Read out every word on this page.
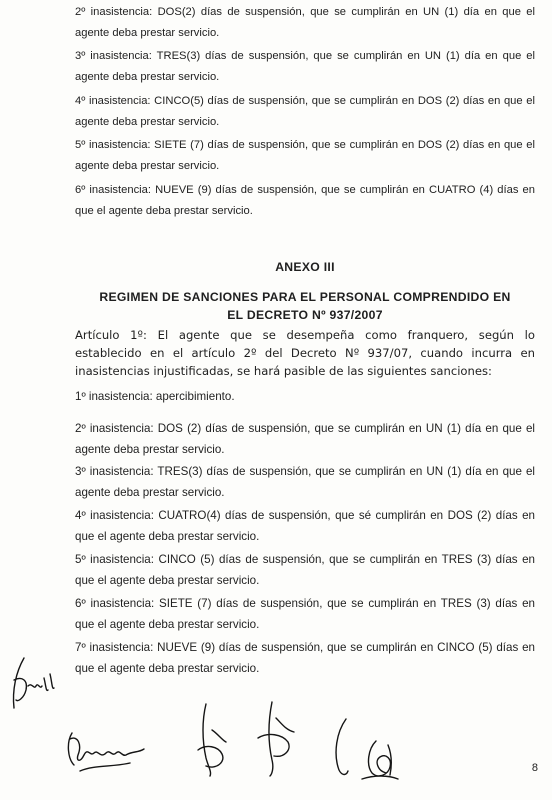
2º inasistencia: DOS(2) días de suspensión, que se cumplirán en UN (1) día en que el agente deba prestar servicio.

3º inasistencia: TRES(3) días de suspensión, que se cumplirán en UN (1) día en que el agente deba prestar servicio.

4º inasistencia: CINCO(5) días de suspensión, que se cumplirán en DOS (2) días en que el agente deba prestar servicio.

5º inasistencia: SIETE (7) días de suspensión, que se cumplirán en DOS (2) días en que el agente deba prestar servicio.

6º inasistencia: NUEVE (9) días de suspensión, que se cumplirán en CUATRO (4) días en que el agente deba prestar servicio.

ANEXO III
REGIMEN DE SANCIONES PARA EL PERSONAL COMPRENDIDO EN EL DECRETO Nº 937/2007

Artículo 1º: El agente que se desempeña como franquero, según lo establecido en el artículo 2º del Decreto Nº 937/07, cuando incurra en inasistencias injustificadas, se hará pasible de las siguientes sanciones:

1º inasistencia: apercibimiento.

2º inasistencia: DOS (2) días de suspensión, que se cumplirán en UN (1) día en que el agente deba prestar servicio.

3º inasistencia: TRES(3) días de suspensión, que se cumplirán en UN (1) día en que el agente deba prestar servicio.

4º inasistencia: CUATRO(4) días de suspensión, que sé cumplirán en DOS (2) días en que el agente deba prestar servicio.

5º inasistencia: CINCO (5) días de suspensión, que se cumplirán en TRES (3) días en que el agente deba prestar servicio.

6º inasistencia: SIETE (7) días de suspensión, que se cumplirán en TRES (3) días en que el agente deba prestar servicio.

7º inasistencia: NUEVE (9) días de suspensión, que se cumplirán en CINCO (5) días en que el agente deba prestar servicio.

8
